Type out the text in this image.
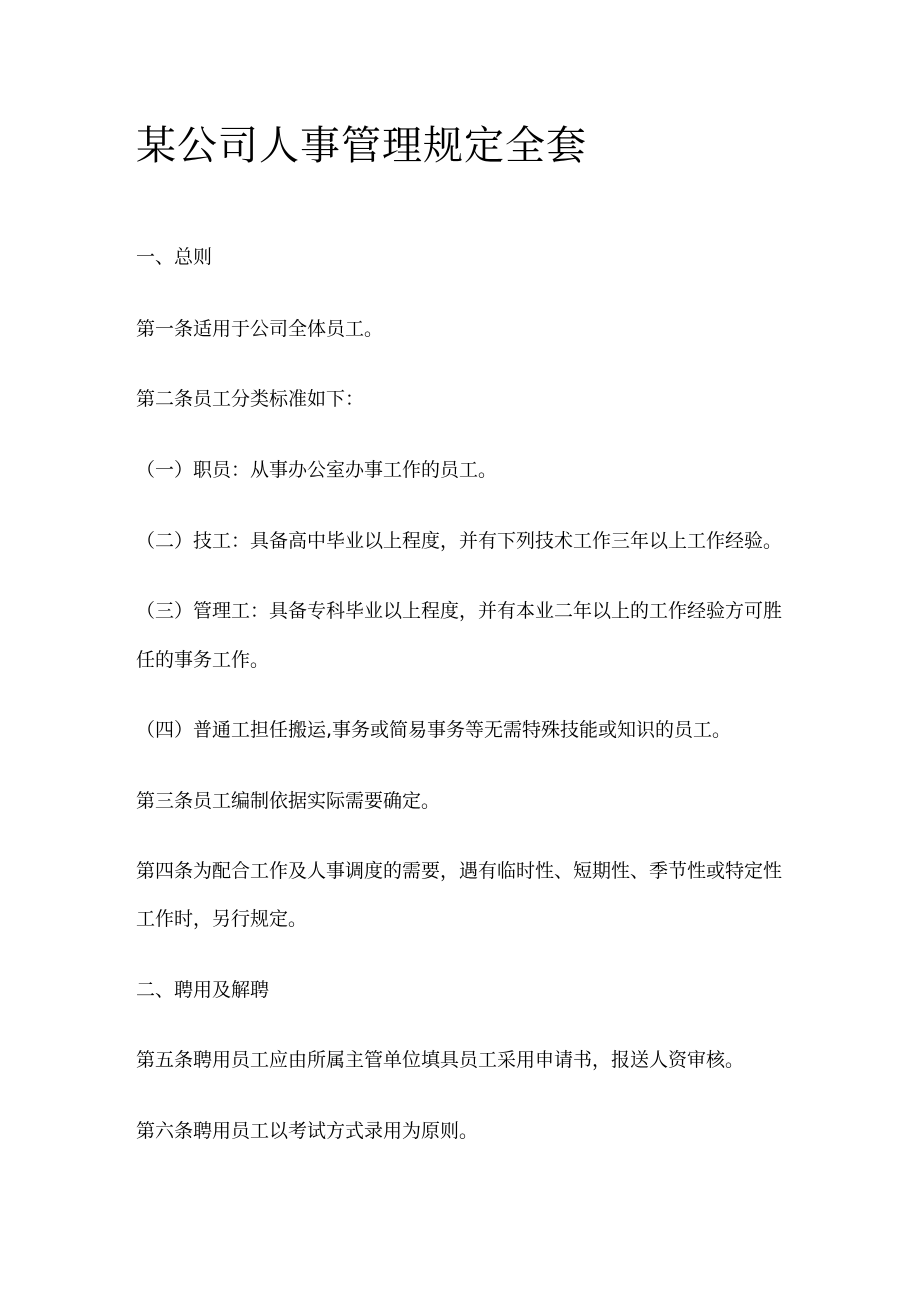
某公司人事管理规定全套

一、总则

第一条适用于公司全体员工。

第二条员工分类标准如下：

（一）职员：从事办公室办事工作的员工。

（二）技工：具备高中毕业以上程度，并有下列技术工作三年以上工作经验。

（三）管理工：具备专科毕业以上程度，并有本业二年以上的工作经验方可胜

任的事务工作。

（四）普通工担任搬运,事务或简易事务等无需特殊技能或知识的员工。

第三条员工编制依据实际需要确定。

第四条为配合工作及人事调度的需要，遇有临时性、短期性、季节性或特定性

工作时，另行规定。

二、聘用及解聘

第五条聘用员工应由所属主管单位填具员工采用申请书，报送人资审核。

第六条聘用员工以考试方式录用为原则。
